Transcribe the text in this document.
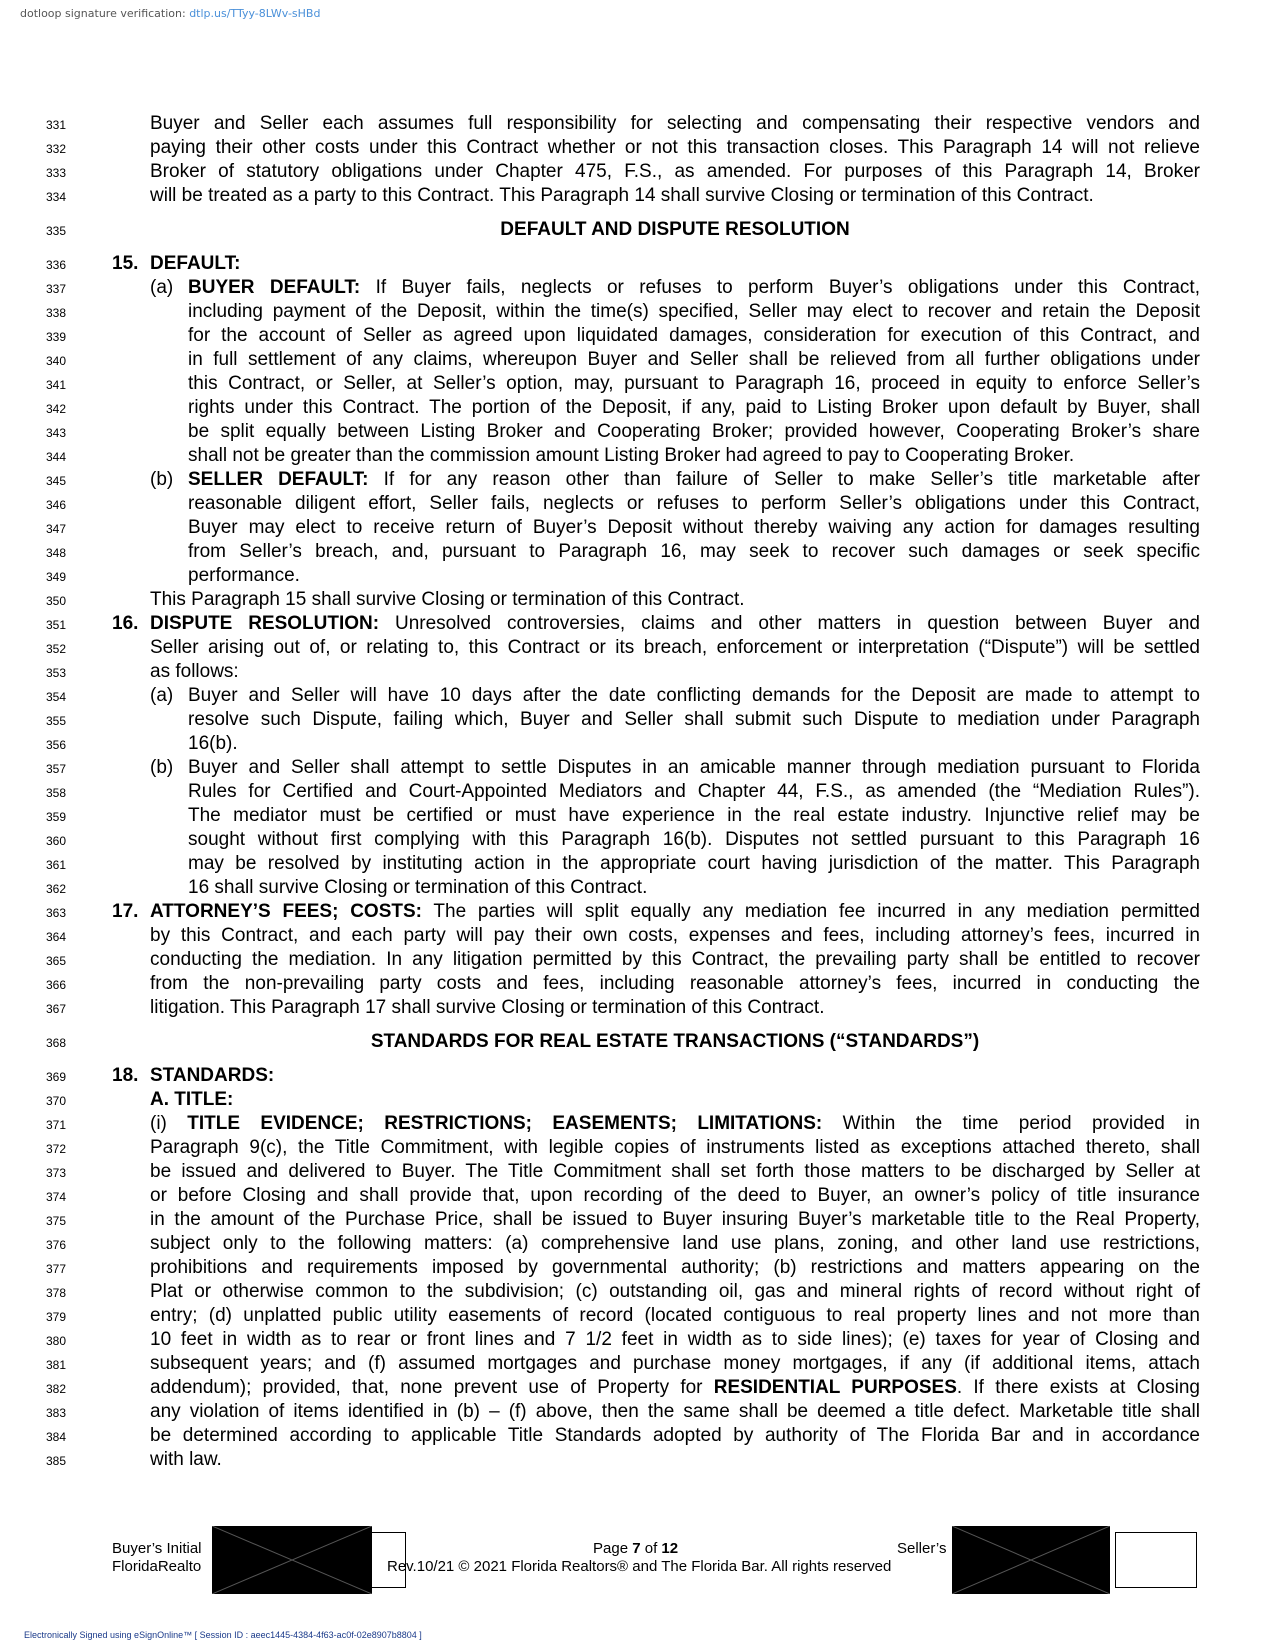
dotloop signature verification: dtlp.us/TTyy-8LWv-sHBd
331	Buyer and Seller each assumes full responsibility for selecting and compensating their respective vendors and
332	paying their other costs under this Contract whether or not this transaction closes. This Paragraph 14 will not relieve
333	Broker of statutory obligations under Chapter 475, F.S., as amended. For purposes of this Paragraph 14, Broker
334	will be treated as a party to this Contract. This Paragraph 14 shall survive Closing or termination of this Contract.
335	DEFAULT AND DISPUTE RESOLUTION
336	15. DEFAULT:
337	(a) BUYER DEFAULT: If Buyer fails, neglects or refuses to perform Buyer’s obligations under this Contract,
338	including payment of the Deposit, within the time(s) specified, Seller may elect to recover and retain the Deposit
339	for the account of Seller as agreed upon liquidated damages, consideration for execution of this Contract, and
340	in full settlement of any claims, whereupon Buyer and Seller shall be relieved from all further obligations under
341	this Contract, or Seller, at Seller’s option, may, pursuant to Paragraph 16, proceed in equity to enforce Seller’s
342	rights under this Contract. The portion of the Deposit, if any, paid to Listing Broker upon default by Buyer, shall
343	be split equally between Listing Broker and Cooperating Broker; provided however, Cooperating Broker’s share
344	shall not be greater than the commission amount Listing Broker had agreed to pay to Cooperating Broker.
345	(b) SELLER DEFAULT: If for any reason other than failure of Seller to make Seller’s title marketable after
346	reasonable diligent effort, Seller fails, neglects or refuses to perform Seller’s obligations under this Contract,
347	Buyer may elect to receive return of Buyer’s Deposit without thereby waiving any action for damages resulting
348	from Seller’s breach, and, pursuant to Paragraph 16, may seek to recover such damages or seek specific
349	performance.
350	This Paragraph 15 shall survive Closing or termination of this Contract.
351	16. DISPUTE RESOLUTION: Unresolved controversies, claims and other matters in question between Buyer and
352	Seller arising out of, or relating to, this Contract or its breach, enforcement or interpretation (“Dispute”) will be settled
353	as follows:
354	(a) Buyer and Seller will have 10 days after the date conflicting demands for the Deposit are made to attempt to
355	resolve such Dispute, failing which, Buyer and Seller shall submit such Dispute to mediation under Paragraph
356	16(b).
357	(b) Buyer and Seller shall attempt to settle Disputes in an amicable manner through mediation pursuant to Florida
358	Rules for Certified and Court-Appointed Mediators and Chapter 44, F.S., as amended (the “Mediation Rules”).
359	The mediator must be certified or must have experience in the real estate industry. Injunctive relief may be
360	sought without first complying with this Paragraph 16(b). Disputes not settled pursuant to this Paragraph 16
361	may be resolved by instituting action in the appropriate court having jurisdiction of the matter. This Paragraph
362	16 shall survive Closing or termination of this Contract.
363	17. ATTORNEY’S FEES; COSTS: The parties will split equally any mediation fee incurred in any mediation permitted
364	by this Contract, and each party will pay their own costs, expenses and fees, including attorney’s fees, incurred in
365	conducting the mediation. In any litigation permitted by this Contract, the prevailing party shall be entitled to recover
366	from the non-prevailing party costs and fees, including reasonable attorney’s fees, incurred in conducting the
367	litigation. This Paragraph 17 shall survive Closing or termination of this Contract.
368	STANDARDS FOR REAL ESTATE TRANSACTIONS (“STANDARDS”)
369	18. STANDARDS:
370	A. TITLE:
371	(i) TITLE EVIDENCE; RESTRICTIONS; EASEMENTS; LIMITATIONS: Within the time period provided in
372	Paragraph 9(c), the Title Commitment, with legible copies of instruments listed as exceptions attached thereto, shall
373	be issued and delivered to Buyer. The Title Commitment shall set forth those matters to be discharged by Seller at
374	or before Closing and shall provide that, upon recording of the deed to Buyer, an owner’s policy of title insurance
375	in the amount of the Purchase Price, shall be issued to Buyer insuring Buyer’s marketable title to the Real Property,
376	subject only to the following matters: (a) comprehensive land use plans, zoning, and other land use restrictions,
377	prohibitions and requirements imposed by governmental authority; (b) restrictions and matters appearing on the
378	Plat or otherwise common to the subdivision; (c) outstanding oil, gas and mineral rights of record without right of
379	entry; (d) unplatted public utility easements of record (located contiguous to real property lines and not more than
380	10 feet in width as to rear or front lines and 7 1/2 feet in width as to side lines); (e) taxes for year of Closing and
381	subsequent years; and (f) assumed mortgages and purchase money mortgages, if any (if additional items, attach
382	addendum); provided, that, none prevent use of Property for RESIDENTIAL PURPOSES. If there exists at Closing
383	any violation of items identified in (b) – (f) above, then the same shall be deemed a title defect. Marketable title shall
384	be determined according to applicable Title Standards adopted by authority of The Florida Bar and in accordance
385	with law.
Buyer’s Initial
FloridaRealto
Page 7 of 12
Rev.10/21 © 2021 Florida Realtors® and The Florida Bar. All rights reserved
Seller’s
Electronically Signed using eSignOnline™ [ Session ID : aeec1445-4384-4f63-ac0f-02e8907b8804 ]
